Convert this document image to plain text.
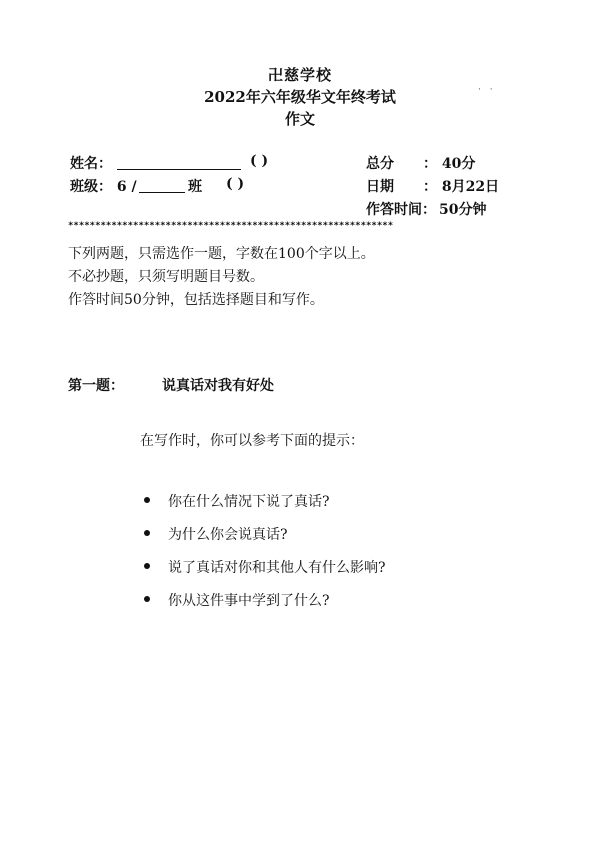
卍慈学校
2022年六年级华文年终考试
作文
· ·
姓名：	( )
班级： 6 /	班 ( )
总分 ： 40分
日期 ： 8月22日
作答时间： 50分钟
************************************************************
下列两题，只需选作一题，字数在100个字以上。
不必抄题，只须写明题目号数。
作答时间50分钟，包括选择题目和写作。
第一题：	说真话对我有好处
在写作时，你可以参考下面的提示：
你在什么情况下说了真话?
为什么你会说真话?
说了真话对你和其他人有什么影响?
你从这件事中学到了什么?
